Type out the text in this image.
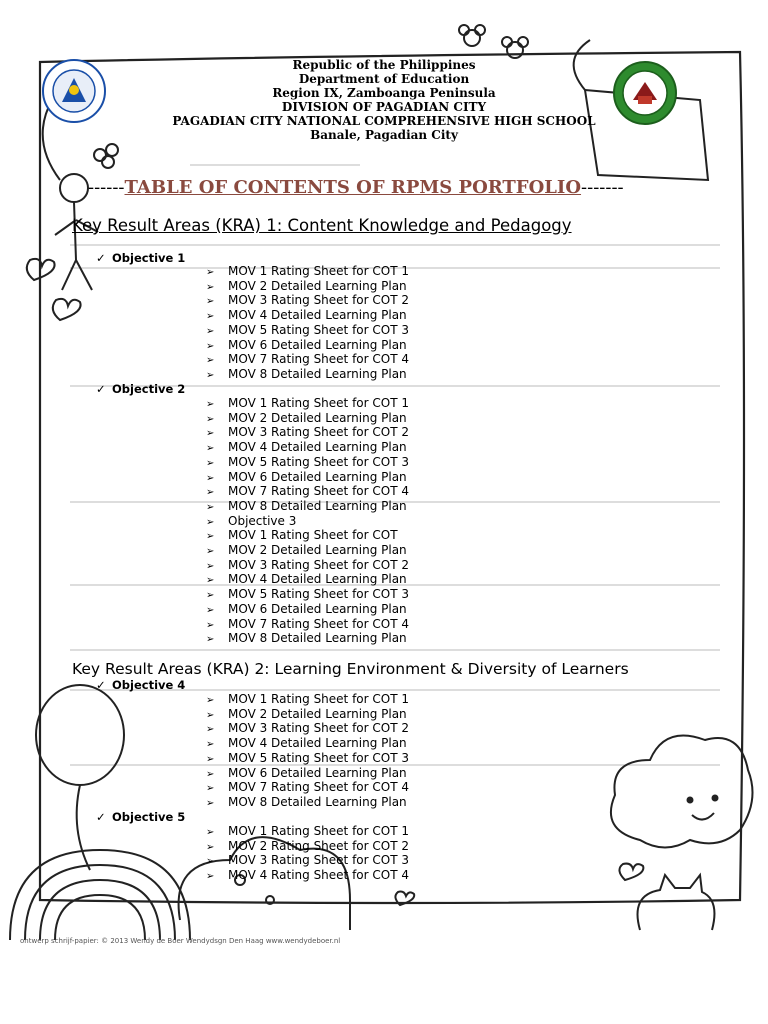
Republic of the Philippines
Department of Education
Region IX, Zamboanga Peninsula
DIVISION OF PAGADIAN CITY
PAGADIAN CITY NATIONAL COMPREHENSIVE HIGH SCHOOL
Banale, Pagadian City
------TABLE OF CONTENTS OF RPMS PORTFOLIO-------
Key Result Areas (KRA) 1: Content Knowledge and Pedagogy
✓ Objective 1
➢ MOV 1 Rating Sheet for COT 1
➢ MOV 2 Detailed Learning Plan
➢ MOV 3 Rating Sheet for COT 2
➢ MOV 4 Detailed Learning Plan
➢ MOV 5 Rating Sheet for COT 3
➢ MOV 6 Detailed Learning Plan
➢ MOV 7 Rating Sheet for COT 4
➢ MOV 8 Detailed Learning Plan
✓ Objective 2
➢ MOV 1 Rating Sheet for COT 1
➢ MOV 2 Detailed Learning Plan
➢ MOV 3 Rating Sheet for COT 2
➢ MOV 4 Detailed Learning Plan
➢ MOV 5 Rating Sheet for COT 3
➢ MOV 6 Detailed Learning Plan
➢ MOV 7 Rating Sheet for COT 4
➢ MOV 8 Detailed Learning Plan
➢ Objective 3
➢ MOV 1 Rating Sheet for COT
➢ MOV 2 Detailed Learning Plan
➢ MOV 3 Rating Sheet for COT 2
➢ MOV 4 Detailed Learning Plan
➢ MOV 5 Rating Sheet for COT 3
➢ MOV 6 Detailed Learning Plan
➢ MOV 7 Rating Sheet for COT 4
➢ MOV 8 Detailed Learning Plan
Key Result Areas (KRA) 2: Learning Environment & Diversity of Learners
✓ Objective 4
➢ MOV 1 Rating Sheet for COT 1
➢ MOV 2 Detailed Learning Plan
➢ MOV 3 Rating Sheet for COT 2
➢ MOV 4 Detailed Learning Plan
➢ MOV 5 Rating Sheet for COT 3
➢ MOV 6 Detailed Learning Plan
➢ MOV 7 Rating Sheet for COT 4
➢ MOV 8 Detailed Learning Plan
✓ Objective 5
➢ MOV 1 Rating Sheet for COT 1
➢ MOV 2 Rating Sheet for COT 2
➢ MOV 3 Rating Sheet for COT 3
➢ MOV 4 Rating Sheet for COT 4
ontwerp schrijf-papier: © 2013 Wendy de Boer Wendydsgn Den Haag www.wendydeboer.nl
